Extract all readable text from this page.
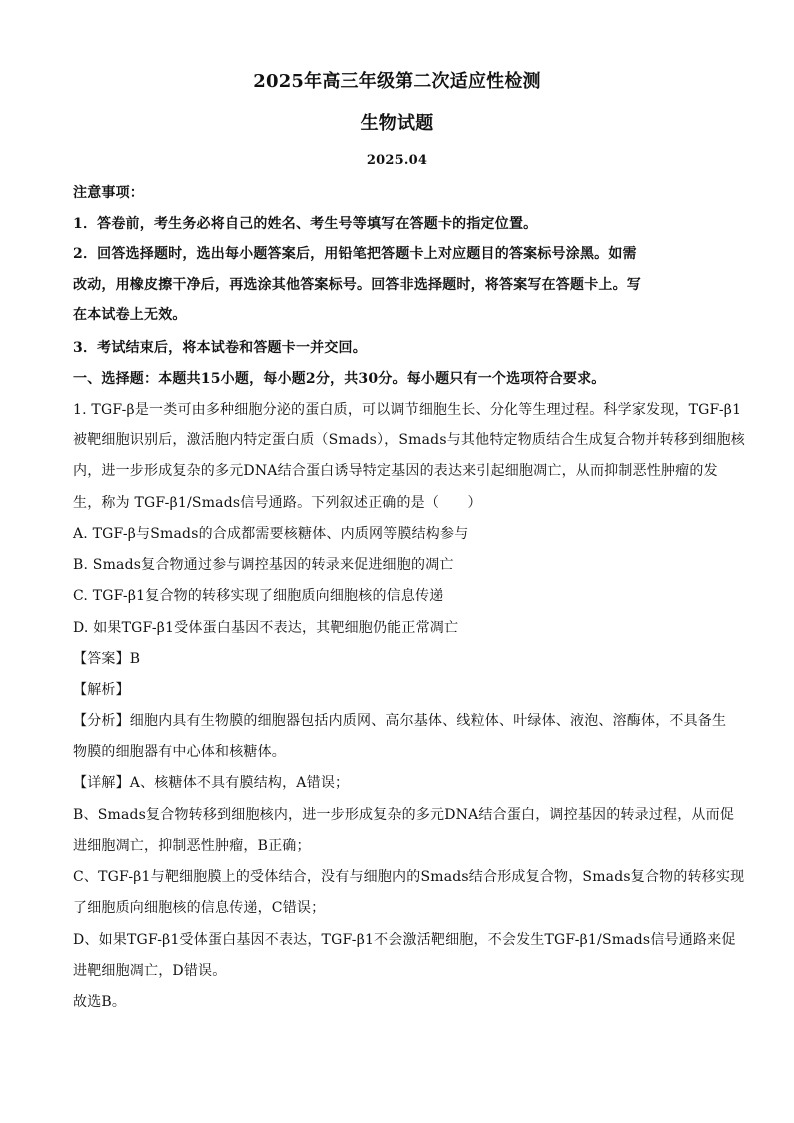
2025年高三年级第二次适应性检测
生物试题
2025.04
注意事项：
1．答卷前，考生务必将自己的姓名、考生号等填写在答题卡的指定位置。
2．回答选择题时，选出每小题答案后，用铅笔把答题卡上对应题目的答案标号涂黑。如需
改动，用橡皮擦干净后，再选涂其他答案标号。回答非选择题时，将答案写在答题卡上。写
在本试卷上无效。
3．考试结束后，将本试卷和答题卡一并交回。
一、选择题：本题共15小题，每小题2分，共30分。每小题只有一个选项符合要求。
1. TGF-β是一类可由多种细胞分泌的蛋白质，可以调节细胞生长、分化等生理过程。科学家发现，TGF-β1
被靶细胞识别后，激活胞内特定蛋白质（Smads），Smads与其他特定物质结合生成复合物并转移到细胞核
内，进一步形成复杂的多元DNA结合蛋白诱导特定基因的表达来引起细胞凋亡，从而抑制恶性肿瘤的发
生，称为 TGF-β1/Smads信号通路。下列叙述正确的是（　　）
A. TGF-β与Smads的合成都需要核糖体、内质网等膜结构参与
B. Smads复合物通过参与调控基因的转录来促进细胞的凋亡
C. TGF-β1复合物的转移实现了细胞质向细胞核的信息传递
D. 如果TGF-β1受体蛋白基因不表达，其靶细胞仍能正常凋亡
【答案】B
【解析】
【分析】细胞内具有生物膜的细胞器包括内质网、高尔基体、线粒体、叶绿体、液泡、溶酶体，不具备生
物膜的细胞器有中心体和核糖体。
【详解】A、核糖体不具有膜结构，A错误；
B、Smads复合物转移到细胞核内，进一步形成复杂的多元DNA结合蛋白，调控基因的转录过程，从而促
进细胞凋亡，抑制恶性肿瘤，B正确；
C、TGF-β1与靶细胞膜上的受体结合，没有与细胞内的Smads结合形成复合物，Smads复合物的转移实现
了细胞质向细胞核的信息传递，C错误；
D、如果TGF-β1受体蛋白基因不表达，TGF-β1不会激活靶细胞，不会发生TGF-β1/Smads信号通路来促
进靶细胞凋亡，D错误。
故选B。
